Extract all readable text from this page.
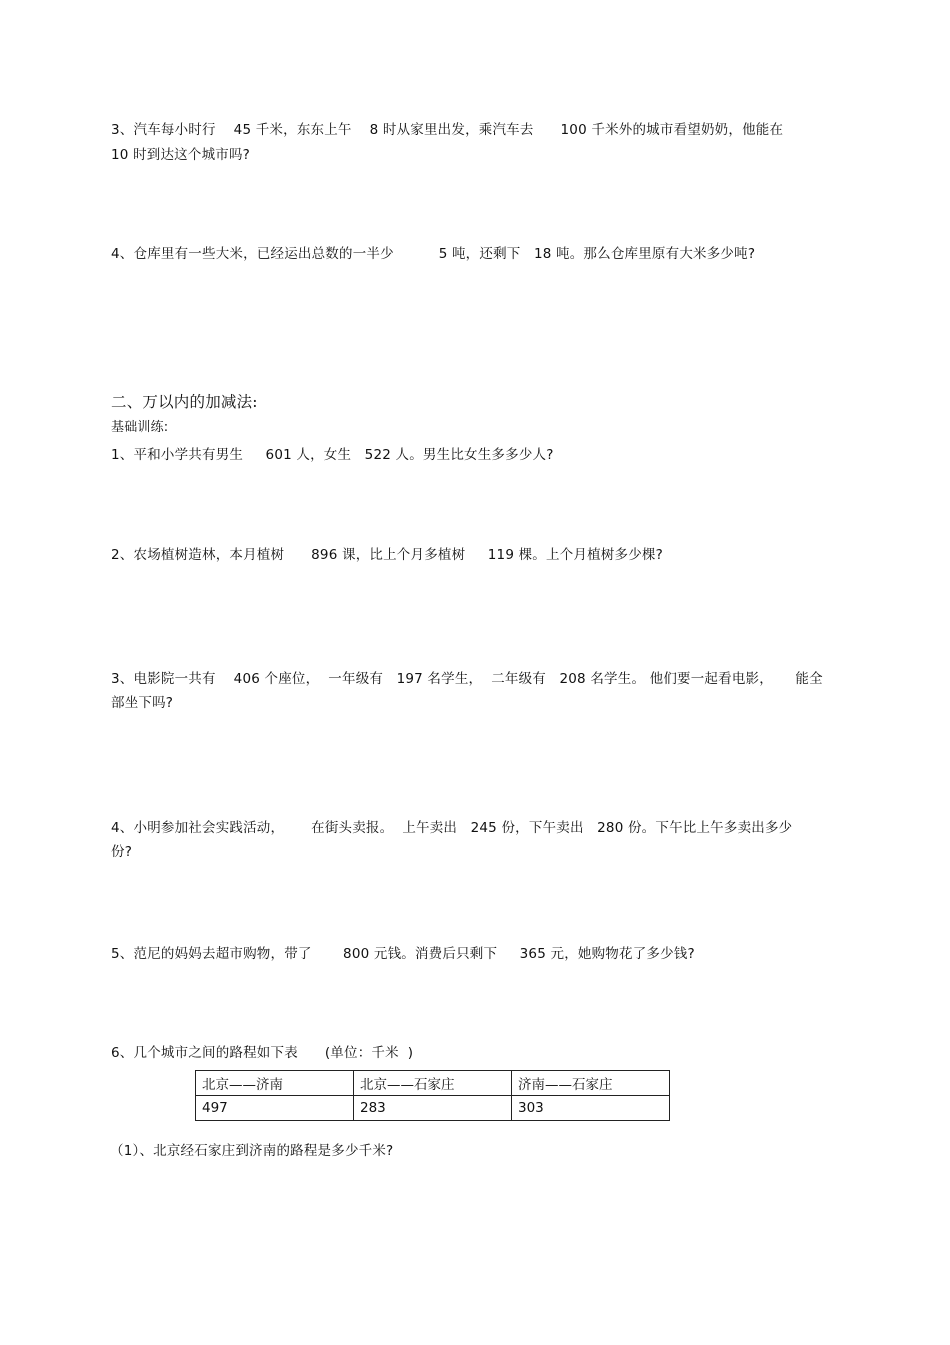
3、汽车每小时行    45 千米，东东上午    8 时从家里出发，乘汽车去      100 千米外的城市看望奶奶，他能在
10 时到达这个城市吗?
4、仓库里有一些大米，已经运出总数的一半少          5 吨，还剩下   18 吨。那么仓库里原有大米多少吨?
二、万以内的加减法:
基础训练:
1、平和小学共有男生     601 人，女生   522 人。男生比女生多多少人?
2、农场植树造林，本月植树      896 课，比上个月多植树     119 棵。上个月植树多少棵?
3、电影院一共有    406 个座位，  一年级有   197 名学生，  二年级有   208 名学生。 他们要一起看电影，     能全
部坐下吗?
4、小明参加社会实践活动，      在街头卖报。  上午卖出   245 份，下午卖出   280 份。下午比上午多卖出多少
份?
5、范尼的妈妈去超市购物，带了       800 元钱。消费后只剩下     365 元，她购物花了多少钱?
6、几个城市之间的路程如下表      (单位：千米  )
北京——济南	北京——石家庄	济南——石家庄
497	283	303
（1）、北京经石家庄到济南的路程是多少千米?
